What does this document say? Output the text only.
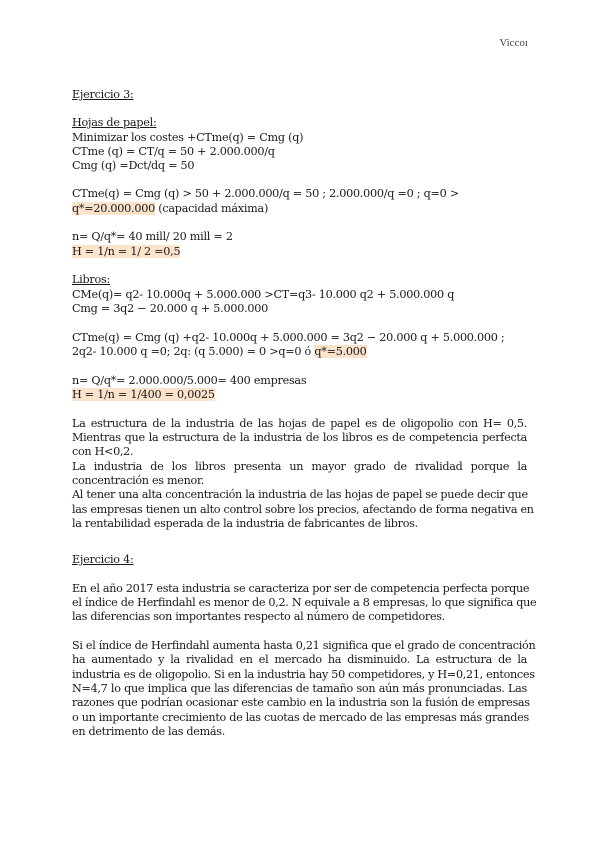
Viccoı
Ejercicio 3:
Hojas de papel:
Minimizar los costes +CTme(q) = Cmg (q)
CTme (q) = CT/q = 50 + 2.000.000/q
Cmg (q) =Dct/dq = 50
CTme(q) = Cmg (q) > 50 + 2.000.000/q = 50 ; 2.000.000/q =0 ; q=0 >
q*=20.000.000 (capacidad máxima)
n= Q/q*= 40 mill/ 20 mill = 2
H = 1/n = 1/ 2 =0,5
Libros:
CMe(q)= q2- 10.000q + 5.000.000 >CT=q3- 10.000 q2 + 5.000.000 q
Cmg = 3q2 − 20.000 q + 5.000.000
CTme(q) = Cmg (q) +q2- 10.000q + 5.000.000 = 3q2 − 20.000 q + 5.000.000 ;
2q2- 10.000 q =0; 2q: (q 5.000) = 0 >q=0 ó q*=5.000
n= Q/q*= 2.000.000/5.000= 400 empresas
H = 1/n = 1/400 = 0,0025
La estructura de la industria de las hojas de papel es de oligopolio con H= 0,5.
Mientras que la estructura de la industria de los libros es de competencia perfecta
con H<0,2.
La industria de los libros presenta un mayor grado de rivalidad porque la
concentración es menor.
Al tener una alta concentración la industria de las hojas de papel se puede decir que
las empresas tienen un alto control sobre los precios, afectando de forma negativa en
la rentabilidad esperada de la industria de fabricantes de libros.
Ejercicio 4:
En el año 2017 esta industria se caracteriza por ser de competencia perfecta porque
el índice de Herfindahl es menor de 0,2. N equivale a 8 empresas, lo que significa que
las diferencias son importantes respecto al número de competidores.
Si el índice de Herfindahl aumenta hasta 0,21 significa que el grado de concentración
ha aumentado y la rivalidad en el mercado ha disminuido. La estructura de la
industria es de oligopolio. Si en la industria hay 50 competidores, y H=0,21, entonces
N=4,7 lo que implica que las diferencias de tamaño son aún más pronunciadas. Las
razones que podrían ocasionar este cambio en la industria son la fusión de empresas
o un importante crecimiento de las cuotas de mercado de las empresas más grandes
en detrimento de las demás.
